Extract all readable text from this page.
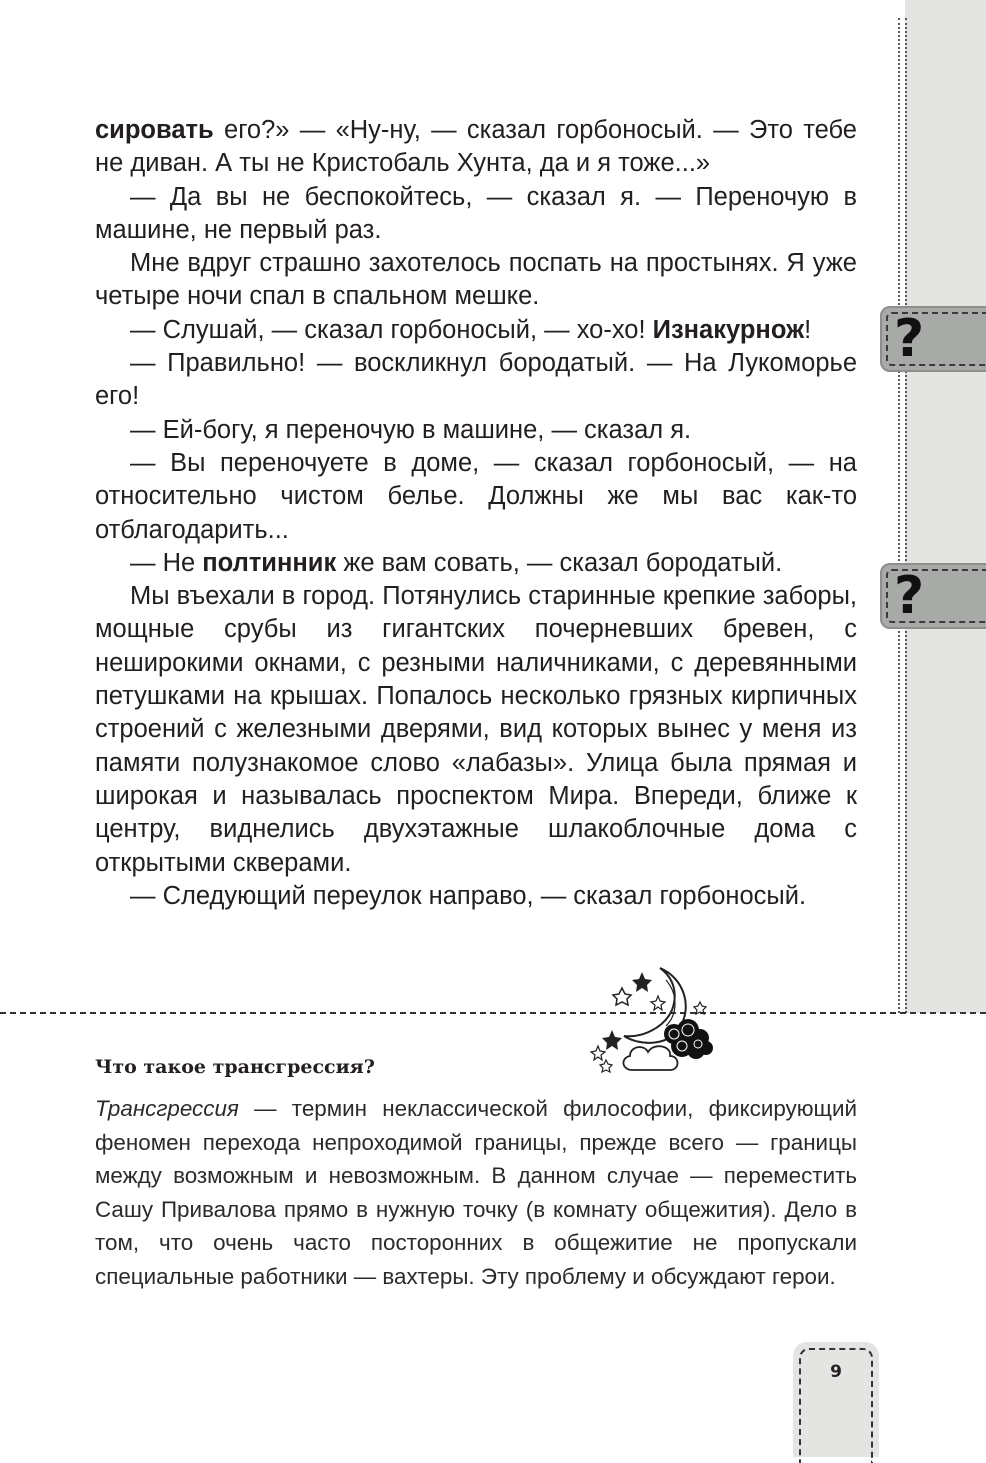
?
?

сировать его?» — «Ну-ну, — сказал горбоносый. — Это тебе не диван. А ты не Кристобаль Хунта, да и я тоже...»

— Да вы не беспокойтесь, — сказал я. — Переночую в машине, не первый раз.

Мне вдруг страшно захотелось поспать на простынях. Я уже четыре ночи спал в спальном мешке.

— Слушай, — сказал горбоносый, — хо-хо! Изнакурнож!

— Правильно! — воскликнул бородатый. — На Лукоморье его!

— Ей-богу, я переночую в машине, — сказал я.

— Вы переночуете в доме, — сказал горбоносый, — на относительно чистом белье. Должны же мы вас как-то отблагодарить...

— Не полтинник же вам совать, — сказал бородатый.

Мы въехали в город. Потянулись старинные крепкие заборы, мощные срубы из гигантских почерневших бревен, с неширокими окнами, с резными наличниками, с деревянными петушками на крышах. Попалось несколько грязных кирпичных строений с железными дверями, вид которых вынес у меня из памяти полузнакомое слово «лабазы». Улица была прямая и широкая и называлась проспектом Мира. Впереди, ближе к центру, виднелись двухэтажные шлакоблочные дома с открытыми скверами.

— Следующий переулок направо, — сказал горбоносый.

Что такое трансгрессия?
Трансгрессия — термин неклассической философии, фиксирующий феномен перехода непроходимой границы, прежде всего — границы между возможным и невозможным. В данном случае — переместить Сашу Привалова прямо в нужную точку (в комнату общежития). Дело в том, что очень часто посторонних в общежитие не пропускали специальные работники — вахтеры. Эту проблему и обсуждают герои.
9
